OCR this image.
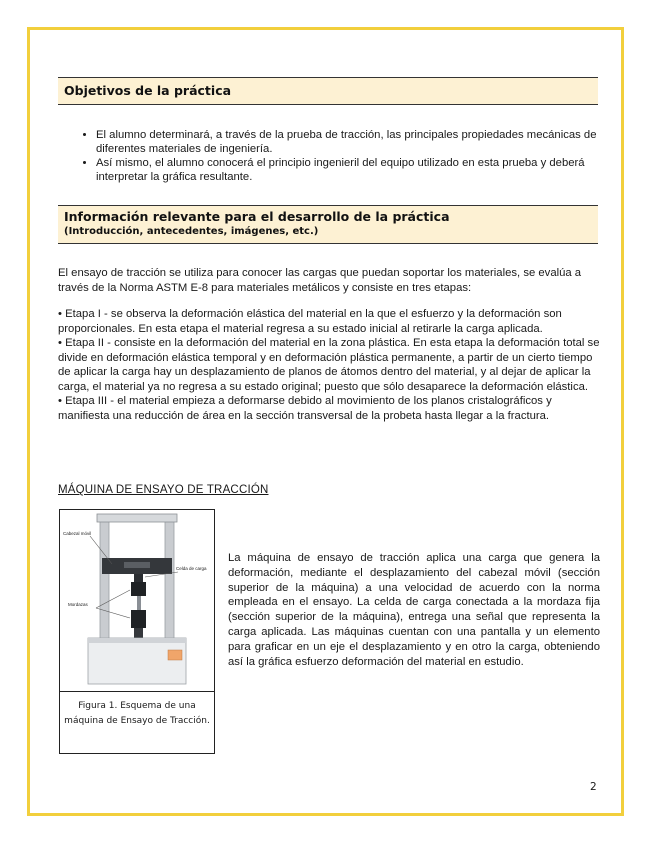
Objetivos de la práctica
• El alumno determinará, a través de la prueba de tracción, las principales propiedades mecánicas de diferentes materiales de ingeniería.
• Así mismo, el alumno conocerá el principio ingenieril del equipo utilizado en esta prueba y deberá interpretar la gráfica resultante.
Información relevante para el desarrollo de la práctica
(Introducción, antecedentes, imágenes, etc.)

El ensayo de tracción se utiliza para conocer las cargas que puedan soportar los materiales, se evalúa a través de la Norma ASTM E-8 para materiales metálicos y consiste en tres etapas:

• Etapa I - se observa la deformación elástica del material en la que el esfuerzo y la deformación son proporcionales. En esta etapa el material regresa a su estado inicial al retirarle la carga aplicada.
• Etapa II - consiste en la deformación del material en la zona plástica. En esta etapa la deformación total se divide en deformación elástica temporal y en deformación plástica permanente, a partir de un cierto tiempo de aplicar la carga hay un desplazamiento de planos de átomos dentro del material, y al dejar de aplicar la carga, el material ya no regresa a su estado original; puesto que sólo desaparece la deformación elástica.
• Etapa III - el material empieza a deformarse debido al movimiento de los planos cristalográficos y manifiesta una reducción de área en la sección transversal de la probeta hasta llegar a la fractura.
MÁQUINA DE ENSAYO DE TRACCIÓN
Cabezal móvil
Celda de carga
Mordazas
Figura 1. Esquema de una máquina de Ensayo de Tracción.

La máquina de ensayo de tracción aplica una carga que genera la deformación, mediante el desplazamiento del cabezal móvil (sección superior de la máquina) a una velocidad de acuerdo con la norma empleada en el ensayo. La celda de carga conectada a la mordaza fija (sección superior de la máquina), entrega una señal que representa la carga aplicada. Las máquinas cuentan con una pantalla y un elemento para graficar en un eje el desplazamiento y en otro la carga, obteniendo así la gráfica esfuerzo deformación del material en estudio.

2
